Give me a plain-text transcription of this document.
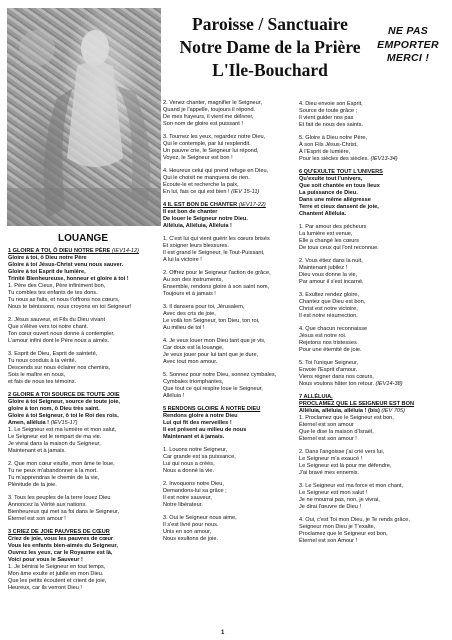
Paroisse / Sanctuaire
Notre Dame de la Prière
L'Ile-Bouchard
NE PAS
EMPORTER
MERCI !
LOUANGE

1 GLOIRE A TOI, Ô DIEU NOTRE PÈRE (IEV14-12)

Gloire à toi, ô Dieu notre Père

Gloire à toi Jésus-Christ venu nous sauver.

Gloire à toi Esprit de lumière,

Trinité Bienheureuse, honneur et gloire à toi !

1. Père des Cieux, Père infiniment bon,

Tu combles tes enfants de tes dons.

Tu nous as faits, et nous t'offrons nos cœurs,

Nous te bénissons, nous croyons en toi Seigneur!

2. Jésus sauveur, et Fils du Dieu vivant

Que s'élève vers toi notre chant.

Ton cœur ouvert nous donne à contempler,

L'amour infini dont le Père nous a aimés.

3. Esprit de Dieu, Esprit de sainteté,

Tu nous conduis à la vérité.

Descends sur nous éclairer nos chemins,

Sois le maître en nous,

et fais de nous tes témoins.

2 GLOIRE A TOI SOURCE DE TOUTE JOIE

Gloire à toi Seigneur, source de toute joie,

gloire à ton nom, ô Dieu très saint.

Gloire à toi Seigneur, ô toi le Roi des rois,

Amen, alléluia ! (IEV15-17)

1. Le Seigneur est ma lumière et mon salut,

Le Seigneur est le rempart de ma vie.

Je vivrai dans la maison du Seigneur,

Maintenant et à jamais.

2. Que mon cœur exulte, mon âme te loue,

Tu ne peux m'abandonner à la mort.

Tu m'apprendras le chemin de la vie,

Plénitude de la joie.

3. Tous les peuples de la terre louez Dieu

Annoncez la Vérité aux nations.

Bienheureux qui met sa foi dans le Seigneur,

Éternel est son amour !

3 CRIEZ DE JOIE PAUVRES DE CŒUR

Criez de joie, vous les pauvres de cœur

Vous les enfants bien-aimés du Seigneur,

Ouvrez les yeux, car le Royaume est là,

Voici pour vous le Sauveur !

1. Je bénirai le Seigneur en tout temps,

Mon âme exulte et jubile en mon Dieu.

Que les petits écoutent et crient de joie,

Heureux, car ils verront Dieu !

2. Venez chanter, magnifier le Seigneur,

Quand je l'appelle, toujours il répond.

De mes frayeurs, il vient me délivrer,

Son nom de gloire est puissant !

3. Tournez les yeux, regardez notre Dieu,

Qui le contemple, par lui resplendit.

Un pauvre crie, le Seigneur lui répond,

Voyez, le Seigneur est bon !

4. Heureux celui qui prend refuge en Dieu,

Qui le choisit ne manquera de rien.

Écoute-le et recherche la paix,

En lui, fais ce qui est bien ! (IEV 15-11)

4 IL EST BON DE CHANTER (IEV17-22)

Il est bon de chanter

De louer le Seigneur notre Dieu.

Alléluia, Alléluia, Alléluia !

1. C'est lui qui vient guérir les cœurs brisés

Et soigner leurs blessures.

Il est grand le Seigneur, le Tout-Puissant,

A lui la victoire !

2. Offrez pour le Seigneur l'action de grâce,

Au son des instruments,

Ensemble, rendons gloire à son saint nom,

Toujours et à jamais !

3. Il dansera pour toi, Jérusalem,

Avec des cris de joie,

Le voilà ton Seigneur, ton Dieu, ton roi,

Au milieu de toi !

4. Je veux louer mon Dieu tant que je vis,

Car doux est la louange,

Je veux jouer pour lui tant que je dure,

Avec tout mon amour.

5. Sonnez pour notre Dieu, sonnez cymbales,

Cymbales triomphantes,

Que tout ce qui respire loue le Seigneur,

Alléluia !

5 RENDONS GLOIRE À NOTRE DIEU

Rendons gloire à notre Dieu

Lui qui fit des merveilles !

Il est présent au milieu de nous

Maintenant et à jamais.

1. Louons notre Seigneur,

Car grande est sa puissance,

Lui qui nous a créés,

Nous a donné la vie.

2. Invoquons notre Dieu,

Demandons-lui sa grâce ;

Il est notre sauveur,

Notre libérateur.

3. Oui le Seigneur nous aime,

Il s'est livré pour nous.

Unis en son amour,

Nous exultons de joie.

4. Dieu envoie son Esprit,

Source de toute grâce ;

Il vient guider nos pas

Et fait de nous des saints.

5. Gloire à Dieu notre Père,

À son Fils Jésus-Christ,

À l'Esprit de lumière,

Pour les siècles des siècles. (IEV13-34)

6 QU'EXULTE TOUT L'UNIVERS

Qu'exulte tout l'univers,

Que soit chantée en tous lieux

La puissance de Dieu.

Dans une même allégresse

Terre et cieux dansent de joie,

Chantent Alléluia.

1. Par amour des pécheurs

La lumière est venue,

Elle a changé les cœurs

De tous ceux qui l'ont reconnue.

2. Vous étiez dans la nuit,

Maintenant jubilez !

Dieu vous donne la vie,

Par amour il s'est incarné.

3. Exultez rendez gloire,

Chantez que Dieu est bon,

Christ est notre victoire,

Il est notre résurrection.

4. Que chacun reconnaisse

Jésus est notre roi.

Rejetons nos tristesses

Pour une éternité de joie.

5. Toi l'unique Seigneur,

Envoie l'Esprit d'amour.

Viens régner dans nos cœurs,

Nous voulons hâter ton retour. (IEV14-38)

7 ALLÉLUIA,

PROCLAMEZ QUE LE SEIGNEUR EST BON

Alléluia, alléluia, alléluia ! (bis) (IEV 705)

1. Proclamez que le Seigneur est bon,

Éternel est son amour

Que le dise la maison d'Israël,

Éternel est son amour !

2. Dans l'angoisse j'ai crié vers lui,

Le Seigneur m'a exaucé !

Le Seigneur est là pour me défendre,

J'ai bravé mes ennemis.

3. Le Seigneur est ma force et mon chant,

Le Seigneur est mon salut !

Je ne mourrai pas, non, je vivrai,

Je dirai l'œuvre de Dieu !

4. Oui, c'est Toi mon Dieu, je Te rends grâce,

Seigneur mon Dieu je T'exalte,

Proclamez que le Seigneur est bon,

Éternel est son Amour !

1
